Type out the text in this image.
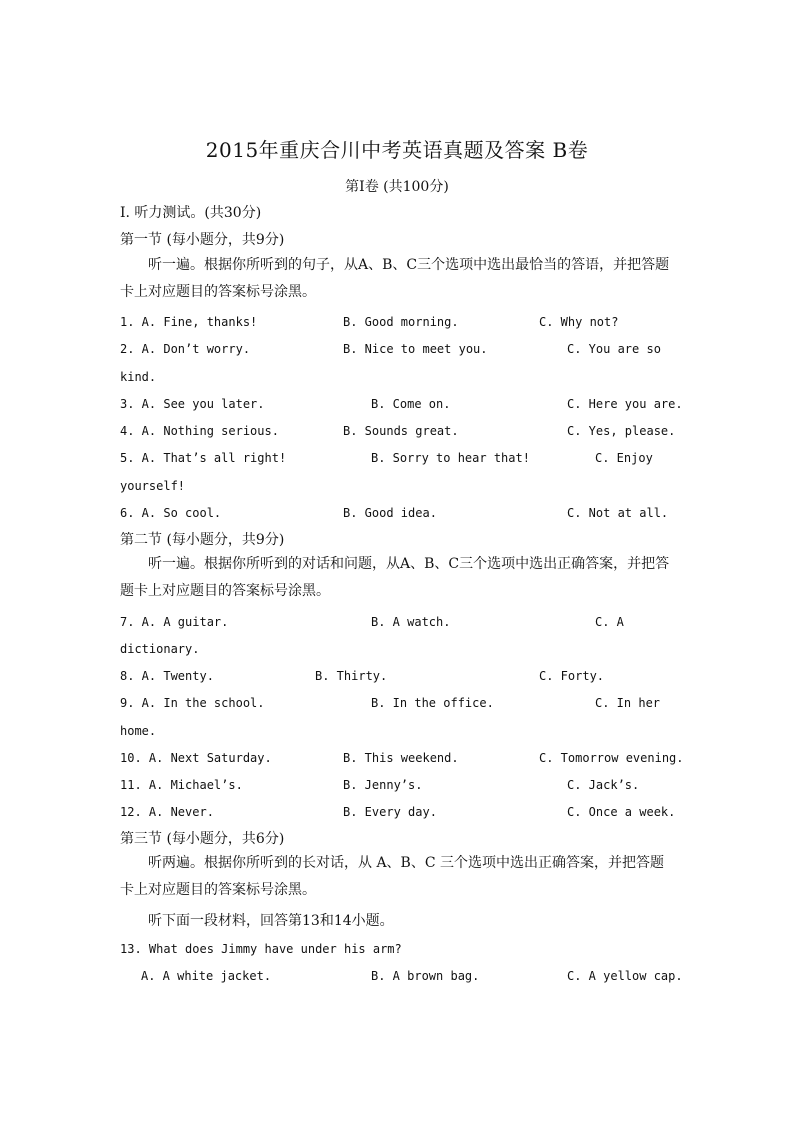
2015年重庆合川中考英语真题及答案 B卷
第Ⅰ卷 (共100分)
I. 听力测试。(共30分)
第一节 (每小题分，共9分)
听一遍。根据你所听到的句子，从A、B、C三个选项中选出最恰当的答语，并把答题卡上对应题目的答案标号涂黑。
1. A. Fine, thanks!	B. Good morning.	C. Why not?
2. A. Don’t worry.	B. Nice to meet you.	C. You are so
kind.
3. A. See you later.	B. Come on.	C. Here you are.
4. A. Nothing serious.	B. Sounds great.	C. Yes, please.
5. A. That’s all right!	B. Sorry to hear that!	C. Enjoy
yourself!
6. A. So cool.	B. Good idea.	C. Not at all.
第二节 (每小题分，共9分)
听一遍。根据你所听到的对话和问题，从A、B、C三个选项中选出正确答案，并把答题卡上对应题目的答案标号涂黑。
7. A. A guitar.	B. A watch.	C. A
dictionary.
8. A. Twenty.	B. Thirty.	C. Forty.
9. A. In the school.	B. In the office.	C. In her
home.
10. A. Next Saturday.	B. This weekend.	C. Tomorrow evening.
11. A. Michael’s.	B. Jenny’s.	C. Jack’s.
12. A. Never.	B. Every day.	C. Once a week.
第三节 (每小题分，共6分)
听两遍。根据你所听到的长对话，从 A、B、C 三个选项中选出正确答案，并把答题卡上对应题目的答案标号涂黑。
听下面一段材料，回答第13和14小题。
13. What does Jimmy have under his arm?
A. A white jacket.	B. A brown bag.	C. A yellow cap.
